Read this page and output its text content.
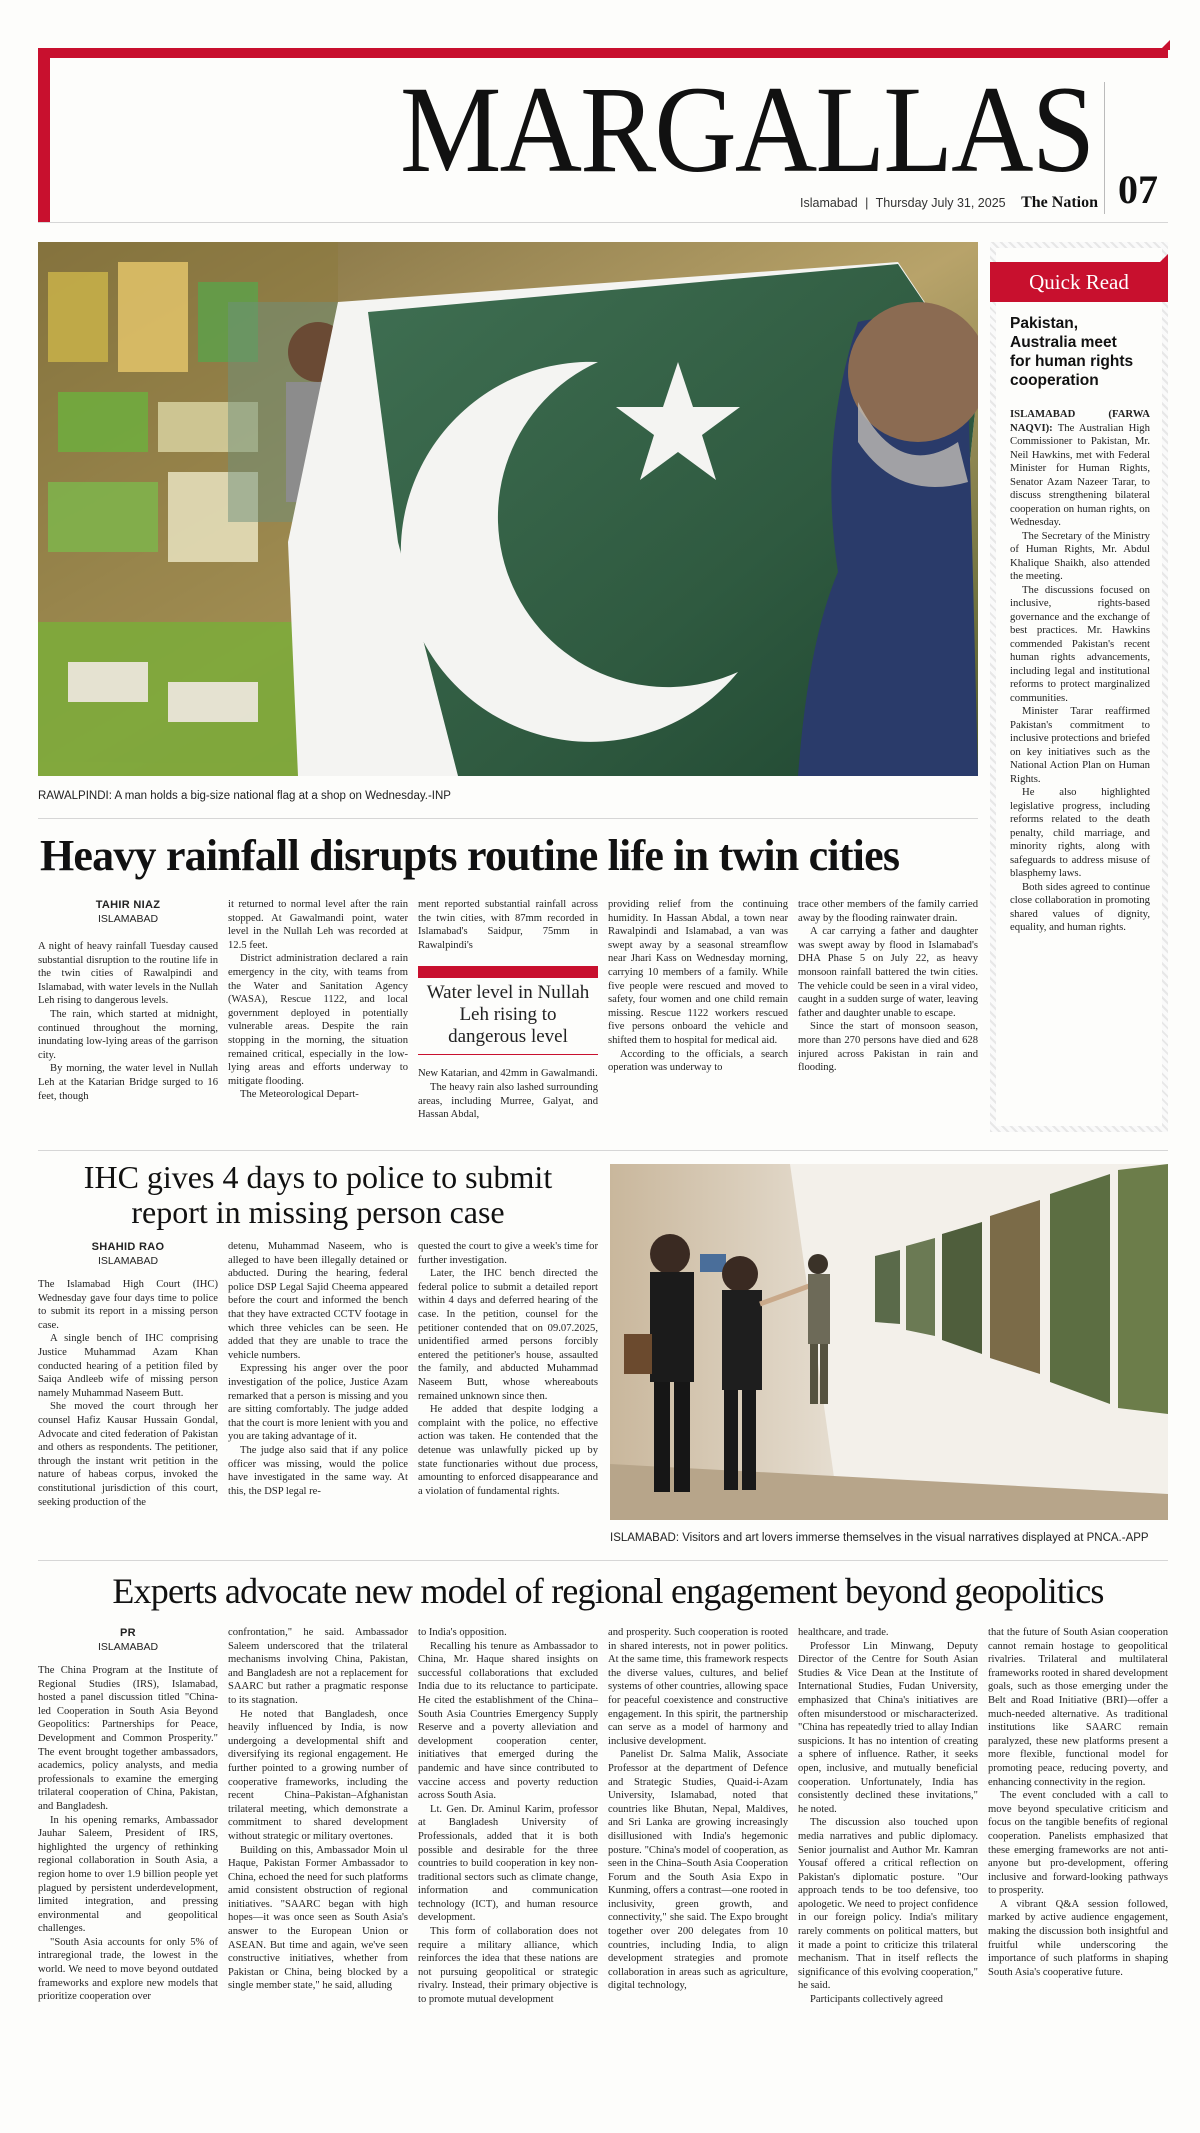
MARGALLAS 07
Islamabad | Thursday July 31, 2025 The Nation
RAWALPINDI: A man holds a big-size national flag at a shop on Wednesday.-INP
Quick Read
Pakistan, Australia meet for human rights cooperation

ISLAMABAD (FARWA NAQVI): The Australian High Commissioner to Pakistan, Mr. Neil Hawkins, met with Federal Minister for Human Rights, Senator Azam Nazeer Tarar, to discuss strengthening bilateral cooperation on human rights, on Wednesday.

The Secretary of the Ministry of Human Rights, Mr. Abdul Khalique Shaikh, also attended the meeting.

The discussions focused on inclusive, rights-based governance and the exchange of best practices. Mr. Hawkins commended Pakistan's recent human rights advancements, including legal and institutional reforms to protect marginalized communities.

Minister Tarar reaffirmed Pakistan's commitment to inclusive protections and briefed on key initiatives such as the National Action Plan on Human Rights.

He also highlighted legislative progress, including reforms related to the death penalty, child marriage, and minority rights, along with safeguards to address misuse of blasphemy laws.

Both sides agreed to continue close collaboration in promoting shared values of dignity, equality, and human rights.

Heavy rainfall disrupts routine life in twin cities
TAHIR NIAZ
ISLAMABAD

A night of heavy rainfall Tuesday caused substantial disruption to the routine life in the twin cities of Rawalpindi and Islamabad, with water levels in the Nullah Leh rising to dangerous levels.

The rain, which started at midnight, continued throughout the morning, inundating low-lying areas of the garrison city.

By morning, the water level in Nullah Leh at the Katarian Bridge surged to 16 feet, though

it returned to normal level after the rain stopped. At Gawalmandi point, water level in the Nullah Leh was recorded at 12.5 feet.

District administration declared a rain emergency in the city, with teams from the Water and Sanitation Agency (WASA), Rescue 1122, and local government deployed in potentially vulnerable areas. Despite the rain stopping in the morning, the situation remained critical, especially in the low-lying areas and efforts underway to mitigate flooding.

The Meteorological Depart-

ment reported substantial rainfall across the twin cities, with 87mm recorded in Islamabad's Saidpur, 75mm in Rawalpindi's

Water level in Nullah Leh rising to dangerous level

New Katarian, and 42mm in Gawalmandi.

The heavy rain also lashed surrounding areas, including Murree, Galyat, and Hassan Abdal,

providing relief from the continuing humidity. In Hassan Abdal, a town near Rawalpindi and Islamabad, a van was swept away by a seasonal streamflow near Jhari Kass on Wednesday morning, carrying 10 members of a family. While five people were rescued and moved to safety, four women and one child remain missing. Rescue 1122 workers rescued five persons onboard the vehicle and shifted them to hospital for medical aid.

According to the officials, a search operation was underway to

trace other members of the family carried away by the flooding rainwater drain.

A car carrying a father and daughter was swept away by flood in Islamabad's DHA Phase 5 on July 22, as heavy monsoon rainfall battered the twin cities. The vehicle could be seen in a viral video, caught in a sudden surge of water, leaving father and daughter unable to escape.

Since the start of monsoon season, more than 270 persons have died and 628 injured across Pakistan in rain and flooding.

IHC gives 4 days to police to submit report in missing person case
SHAHID RAO
ISLAMABAD

The Islamabad High Court (IHC) Wednesday gave four days time to police to submit its report in a missing person case.

A single bench of IHC comprising Justice Muhammad Azam Khan conducted hearing of a petition filed by Saiqa Andleeb wife of missing person namely Muhammad Naseem Butt.

She moved the court through her counsel Hafiz Kausar Hussain Gondal, Advocate and cited federation of Pakistan and others as respondents. The petitioner, through the instant writ petition in the nature of habeas corpus, invoked the constitutional jurisdiction of this court, seeking production of the

detenu, Muhammad Naseem, who is alleged to have been illegally detained or abducted. During the hearing, federal police DSP Legal Sajid Cheema appeared before the court and informed the bench that they have extracted CCTV footage in which three vehicles can be seen. He added that they are unable to trace the vehicle numbers.

Expressing his anger over the poor investigation of the police, Justice Azam remarked that a person is missing and you are sitting comfortably. The judge added that the court is more lenient with you and you are taking advantage of it.

The judge also said that if any police officer was missing, would the police have investigated in the same way. At this, the DSP legal re-

quested the court to give a week's time for further investigation.

Later, the IHC bench directed the federal police to submit a detailed report within 4 days and deferred hearing of the case. In the petition, counsel for the petitioner contended that on 09.07.2025, unidentified armed persons forcibly entered the petitioner's house, assaulted the family, and abducted Muhammad Naseem Butt, whose whereabouts remained unknown since then.

He added that despite lodging a complaint with the police, no effective action was taken. He contended that the detenue was unlawfully picked up by state functionaries without due process, amounting to enforced disappearance and a violation of fundamental rights.

ISLAMABAD: Visitors and art lovers immerse themselves in the visual narratives displayed at PNCA.-APP
Experts advocate new model of regional engagement beyond geopolitics
PR
ISLAMABAD

The China Program at the Institute of Regional Studies (IRS), Islamabad, hosted a panel discussion titled "China-led Cooperation in South Asia Beyond Geopolitics: Partnerships for Peace, Development and Common Prosperity." The event brought together ambassadors, academics, policy analysts, and media professionals to examine the emerging trilateral cooperation of China, Pakistan, and Bangladesh.

In his opening remarks, Ambassador Jauhar Saleem, President of IRS, highlighted the urgency of rethinking regional collaboration in South Asia, a region home to over 1.9 billion people yet plagued by persistent underdevelopment, limited integration, and pressing environmental and geopolitical challenges.

"South Asia accounts for only 5% of intraregional trade, the lowest in the world. We need to move beyond outdated frameworks and explore new models that prioritize cooperation over

confrontation," he said. Ambassador Saleem underscored that the trilateral mechanisms involving China, Pakistan, and Bangladesh are not a replacement for SAARC but rather a pragmatic response to its stagnation.

He noted that Bangladesh, once heavily influenced by India, is now undergoing a developmental shift and diversifying its regional engagement. He further pointed to a growing number of cooperative frameworks, including the recent China–Pakistan–Afghanistan trilateral meeting, which demonstrate a commitment to shared development without strategic or military overtones.

Building on this, Ambassador Moin ul Haque, Pakistan Former Ambassador to China, echoed the need for such platforms amid consistent obstruction of regional initiatives. "SAARC began with high hopes—it was once seen as South Asia's answer to the European Union or ASEAN. But time and again, we've seen constructive initiatives, whether from Pakistan or China, being blocked by a single member state," he said, alluding

to India's opposition.

Recalling his tenure as Ambassador to China, Mr. Haque shared insights on successful collaborations that excluded India due to its reluctance to participate. He cited the establishment of the China–South Asia Countries Emergency Supply Reserve and a poverty alleviation and development cooperation center, initiatives that emerged during the pandemic and have since contributed to vaccine access and poverty reduction across South Asia.

Lt. Gen. Dr. Aminul Karim, professor at Bangladesh University of Professionals, added that it is both possible and desirable for the three countries to build cooperation in key non-traditional sectors such as climate change, information and communication technology (ICT), and human resource development.

This form of collaboration does not require a military alliance, which reinforces the idea that these nations are not pursuing geopolitical or strategic rivalry. Instead, their primary objective is to promote mutual development

and prosperity. Such cooperation is rooted in shared interests, not in power politics. At the same time, this framework respects the diverse values, cultures, and belief systems of other countries, allowing space for peaceful coexistence and constructive engagement. In this spirit, the partnership can serve as a model of harmony and inclusive development.

Panelist Dr. Salma Malik, Associate Professor at the department of Defence and Strategic Studies, Quaid-i-Azam University, Islamabad, noted that countries like Bhutan, Nepal, Maldives, and Sri Lanka are growing increasingly disillusioned with India's hegemonic posture. "China's model of cooperation, as seen in the China–South Asia Cooperation Forum and the South Asia Expo in Kunming, offers a contrast—one rooted in inclusivity, green growth, and connectivity," she said. The Expo brought together over 200 delegates from 10 countries, including India, to align development strategies and promote collaboration in areas such as agriculture, digital technology,

healthcare, and trade.

Professor Lin Minwang, Deputy Director of the Centre for South Asian Studies & Vice Dean at the Institute of International Studies, Fudan University, emphasized that China's initiatives are often misunderstood or mischaracterized. "China has repeatedly tried to allay Indian suspicions. It has no intention of creating a sphere of influence. Rather, it seeks open, inclusive, and mutually beneficial cooperation. Unfortunately, India has consistently declined these invitations," he noted.

The discussion also touched upon media narratives and public diplomacy. Senior journalist and Author Mr. Kamran Yousaf offered a critical reflection on Pakistan's diplomatic posture. "Our approach tends to be too defensive, too apologetic. We need to project confidence in our foreign policy. India's military rarely comments on political matters, but it made a point to criticize this trilateral mechanism. That in itself reflects the significance of this evolving cooperation," he said.

Participants collectively agreed

that the future of South Asian cooperation cannot remain hostage to geopolitical rivalries. Trilateral and multilateral frameworks rooted in shared development goals, such as those emerging under the Belt and Road Initiative (BRI)—offer a much-needed alternative. As traditional institutions like SAARC remain paralyzed, these new platforms present a more flexible, functional model for promoting peace, reducing poverty, and enhancing connectivity in the region.

The event concluded with a call to move beyond speculative criticism and focus on the tangible benefits of regional cooperation. Panelists emphasized that these emerging frameworks are not anti-anyone but pro-development, offering inclusive and forward-looking pathways to prosperity.

A vibrant Q&A session followed, marked by active audience engagement, making the discussion both insightful and fruitful while underscoring the importance of such platforms in shaping South Asia's cooperative future.
